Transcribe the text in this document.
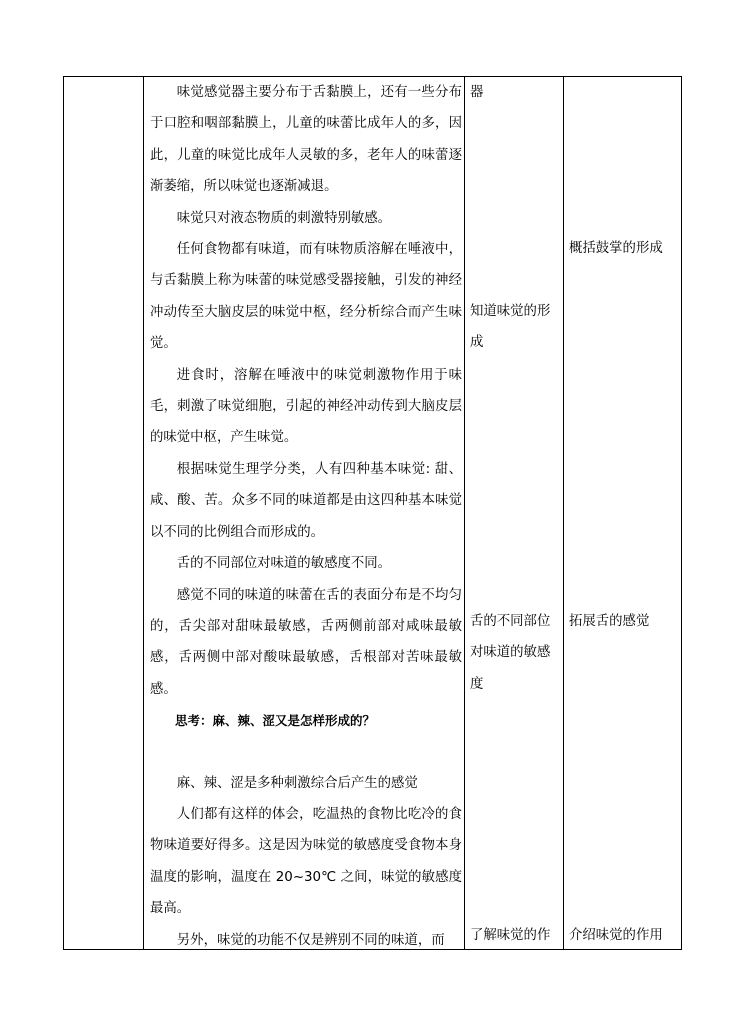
味觉感觉器主要分布于舌黏膜上，还有一些分布于口腔和咽部黏膜上，儿童的味蕾比成年人的多，因此，儿童的味觉比成年人灵敏的多，老年人的味蕾逐渐萎缩，所以味觉也逐渐减退。

味觉只对液态物质的刺激特别敏感。

任何食物都有味道，而有味物质溶解在唾液中，与舌黏膜上称为味蕾的味觉感受器接触，引发的神经冲动传至大脑皮层的味觉中枢，经分析综合而产生味觉。

进食时，溶解在唾液中的味觉刺激物作用于味毛，刺激了味觉细胞，引起的神经冲动传到大脑皮层的味觉中枢，产生味觉。

根据味觉生理学分类，人有四种基本味觉: 甜、咸、酸、苦。众多不同的味道都是由这四种基本味觉以不同的比例组合而形成的。

舌的不同部位对味道的敏感度不同。

感觉不同的味道的味蕾在舌的表面分布是不均匀的，舌尖部对甜味最敏感，舌两侧前部对咸味最敏感，舌两侧中部对酸味最敏感，舌根部对苦味最敏感。

思考：麻、辣、涩又是怎样形成的？

麻、辣、涩是多种刺激综合后产生的感觉

人们都有这样的体会，吃温热的食物比吃冷的食物味道要好得多。这是因为味觉的敏感度受食物本身温度的影响，温度在 20~30℃ 之间，味觉的敏感度最高。

另外，味觉的功能不仅是辨别不同的味道，而

器

知道味觉的形成

舌的不同部位对味道的敏感度

了解味觉的作

概括鼓掌的形成

拓展舌的感觉

介绍味觉的作用
